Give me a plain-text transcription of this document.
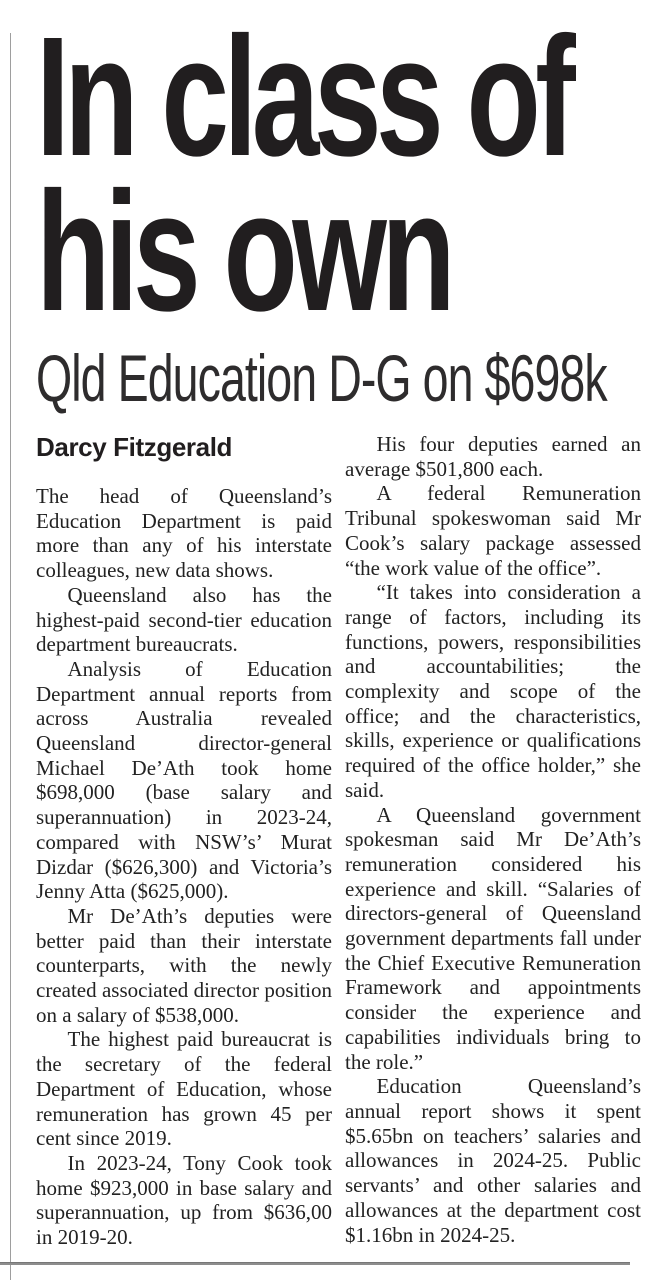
In class of
his own
Qld Education D-G on $698k
Darcy Fitzgerald

The head of Queensland’s Education Department is paid more than any of his interstate colleagues, new data shows.

Queensland also has the highest-paid second-tier education department bureaucrats.

Analysis of Education Department annual reports from across Australia revealed Queensland director-general Michael De’Ath took home $698,000 (base salary and superannuation) in 2023-24, compared with NSW’s’ Murat Dizdar ($626,300) and Victoria’s Jenny Atta ($625,000).

Mr De’Ath’s deputies were better paid than their interstate counterparts, with the newly created associated director position on a salary of $538,000.

The highest paid bureaucrat is the secretary of the federal Department of Education, whose remuneration has grown 45 per cent since 2019.

In 2023-24, Tony Cook took home $923,000 in base salary and superannuation, up from $636,00 in 2019-20.

His four deputies earned an average $501,800 each.

A federal Remuneration Tribunal spokeswoman said Mr Cook’s salary package assessed “the work value of the office”.

“It takes into consideration a range of factors, including its functions, powers, responsibilities and accountabilities; the complexity and scope of the office; and the characteristics, skills, experience or qualifications required of the office holder,” she said.

A Queensland government spokesman said Mr De’Ath’s remuneration considered his experience and skill. “Salaries of directors-general of Queensland government departments fall under the Chief Executive Remuneration Framework and appointments consider the experience and capabilities individuals bring to the role.”

Education Queensland’s annual report shows it spent $5.65bn on teachers’ salaries and allowances in 2024-25. Public servants’ and other salaries and allowances at the department cost $1.16bn in 2024-25.
